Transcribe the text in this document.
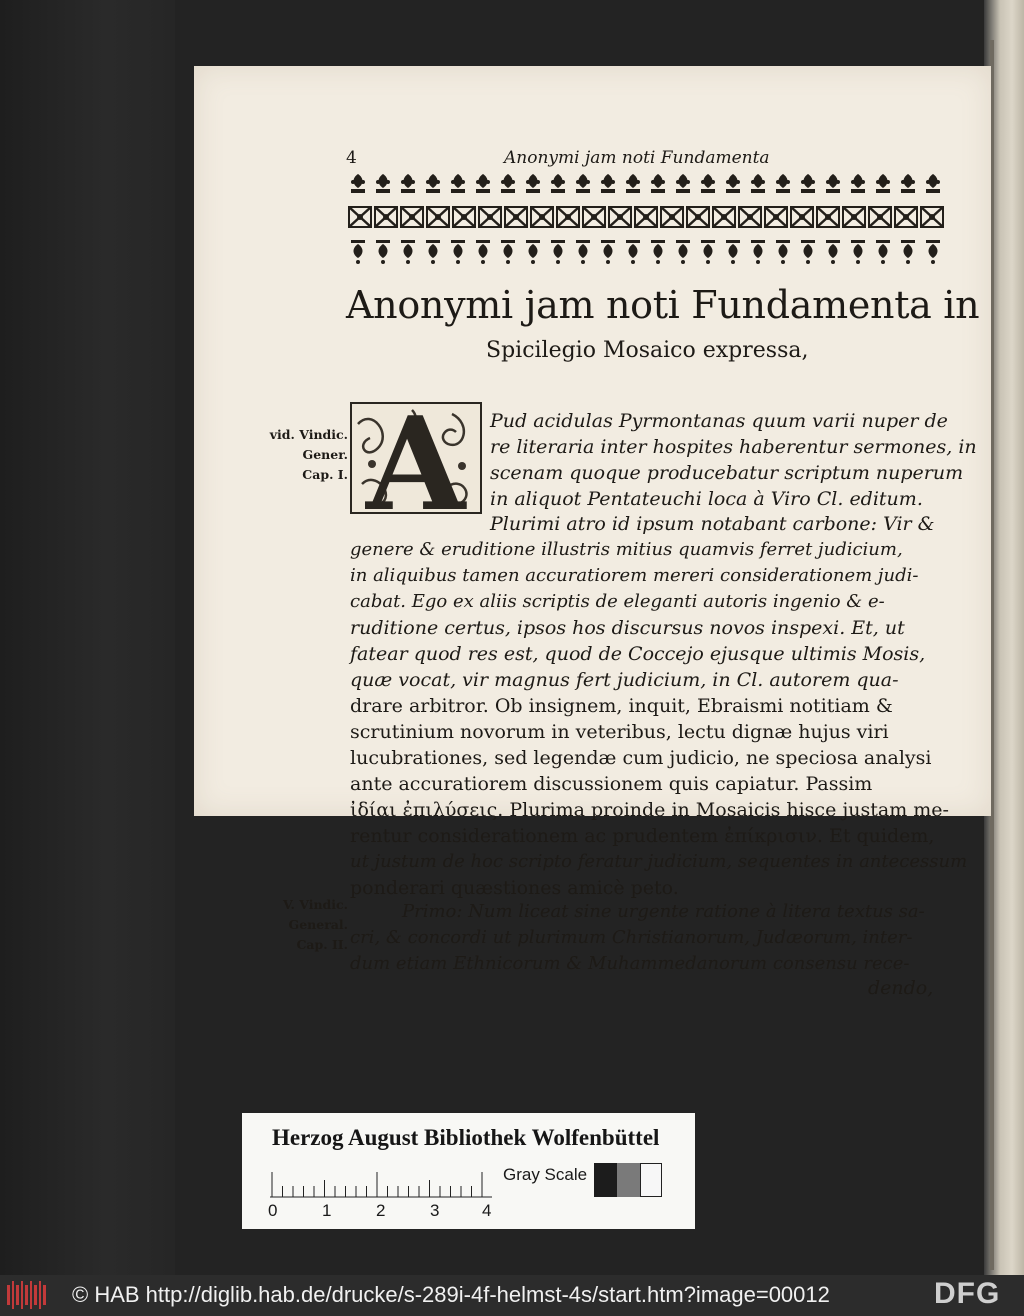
4	Anonymi jam noti Fundamenta
Anonymi jam noti Fundamenta in
Spicilegio Mosaico expressa,
vid. Vindic.
Gener.
Cap. I.
V. Vindic.
General.
Cap. II.
A Pud acidulas Pyrmontanas quum varii nuper de
re literaria inter hospites haberentur sermones, in
scenam quoque producebatur scriptum nuperum
in aliquot Pentateuchi loca à Viro Cl. editum.
Plurimi atro id ipsum notabant carbone: Vir &
genere & eruditione illustris mitius quamvis ferret judicium,
in aliquibus tamen accuratiorem mereri considerationem judi-
cabat. Ego ex aliis scriptis de eleganti autoris ingenio & e-
ruditione certus, ipsos hos discursus novos inspexi. Et, ut
fatear quod res est, quod de Coccejo ejusque ultimis Mosis,
quæ vocat, vir magnus fert judicium, in Cl. autorem qua-
drare arbitror. Ob insignem, inquit, Ebraismi notitiam &
scrutinium novorum in veteribus, lectu dignæ hujus viri
lucubrationes, sed legendæ cum judicio, ne speciosa analysi
ante accuratiorem discussionem quis capiatur. Passim
ἰδίαι ἐπιλύσεις. Plurima proinde in Mosaicis hisce justam me-
rentur considerationem ac prudentem ἐπίκρισιν. Et quidem,
ut justum de hoc scripto feratur judicium, sequentes in antecessum
ponderari quæstiones amicè peto.
Primo: Num liceat sine urgente ratione à litera textus sa-
cri, & concordi ut plurimum Christianorum, Judæorum, inter-
dum etiam Ethnicorum & Muhammedanorum consensu rece-
dendo,
Herzog August Bibliothek Wolfenbüttel
0	1	2	3	4
Gray Scale
© HAB http://diglib.hab.de/drucke/s-289i-4f-helmst-4s/start.htm?image=00012	DFG
